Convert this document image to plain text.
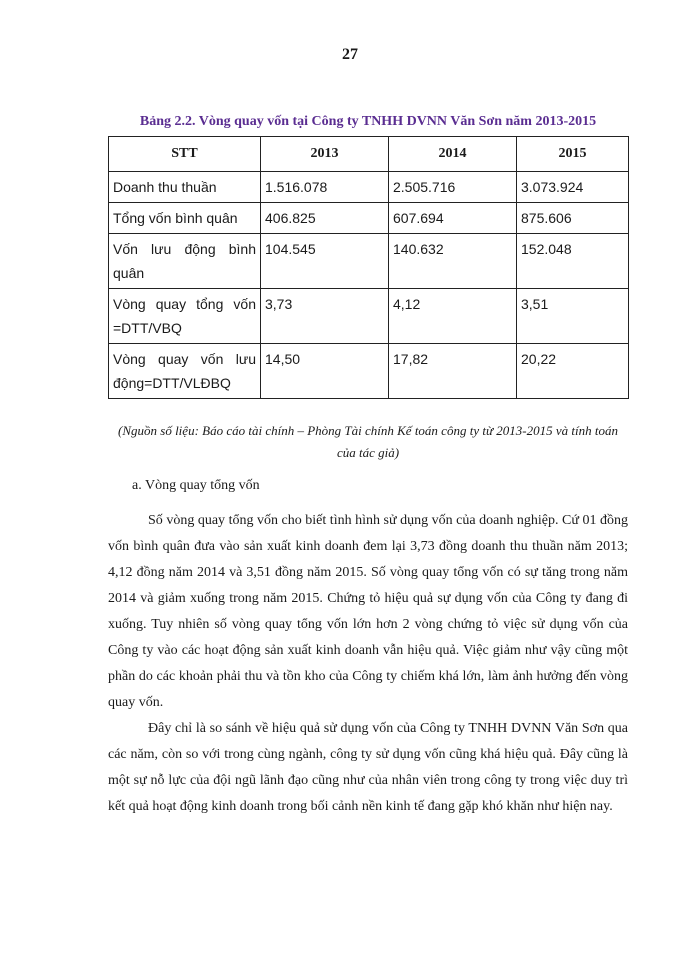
27
Bảng 2.2. Vòng quay vốn tại Công ty TNHH DVNN Văn Sơn năm 2013-2015
STT	2013	2014	2015
Doanh thu thuần	1.516.078	2.505.716	3.073.924
Tổng vốn bình quân	406.825	607.694	875.606
Vốn lưu động bình quân	104.545	140.632	152.048
Vòng quay tổng vốn =DTT/VBQ	3,73	4,12	3,51
Vòng quay vốn lưu động=DTT/VLĐBQ	14,50	17,82	20,22
(Nguồn số liệu: Báo cáo tài chính – Phòng Tài chính Kế toán công ty từ 2013-2015 và tính toán của tác giả)
a. Vòng quay tổng vốn

Số vòng quay tổng vốn cho biết tình hình sử dụng vốn của doanh nghiệp. Cứ 01 đồng vốn bình quân đưa vào sản xuất kinh doanh đem lại 3,73 đồng doanh thu thuần năm 2013; 4,12 đồng năm 2014 và 3,51 đồng năm 2015. Số vòng quay tổng vốn có sự tăng trong năm 2014 và giảm xuống trong năm 2015. Chứng tỏ hiệu quả sự dụng vốn của Công ty đang đi xuống. Tuy nhiên số vòng quay tổng vốn lớn hơn 2 vòng chứng tỏ việc sử dụng vốn của Công ty vào các hoạt động sản xuất kinh doanh vẫn hiệu quả. Việc giảm như vậy cũng một phần do các khoản phải thu và tồn kho của Công ty chiếm khá lớn, làm ảnh hưởng đến vòng quay vốn.

Đây chỉ là so sánh về hiệu quả sử dụng vốn của Công ty TNHH DVNN Văn Sơn qua các năm, còn so với trong cùng ngành, công ty sử dụng vốn cũng khá hiệu quả. Đây cũng là một sự nỗ lực của đội ngũ lãnh đạo cũng như của nhân viên trong công ty trong việc duy trì kết quả hoạt động kinh doanh trong bối cảnh nền kinh tế đang gặp khó khăn như hiện nay.
